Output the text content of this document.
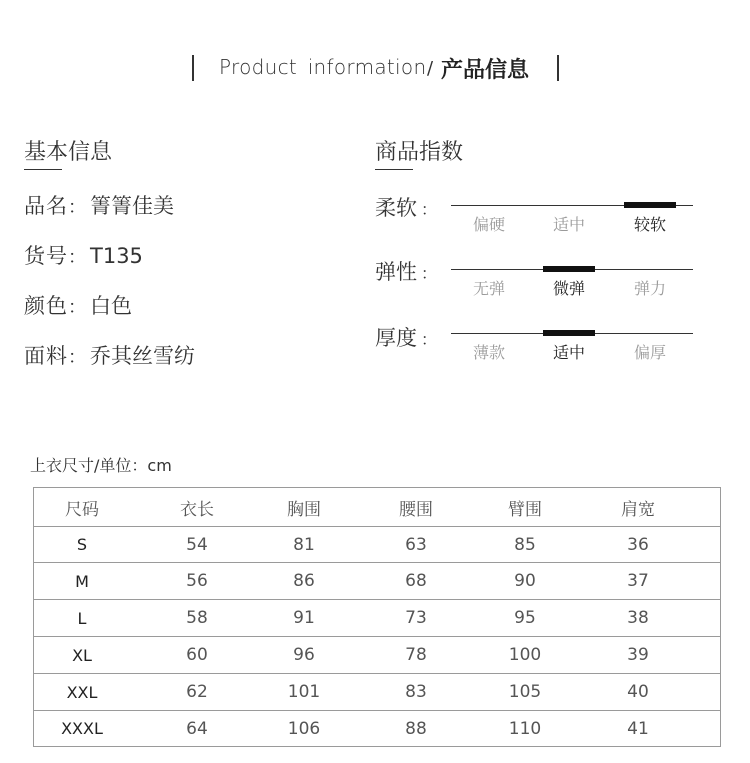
Product information / 产品信息
基本信息
品名： 箐箐佳美
货号： T135
颜色： 白色
面料： 乔其丝雪纺
商品指数
柔软 ：
偏硬	适中	较软
弹性 ：
无弹	微弹	弹力
厚度 ：
薄款	适中	偏厚
上衣尺寸/单位：cm
尺码	衣长	胸围	腰围	臂围	肩宽
S	54	81	63	85	36
M	56	86	68	90	37
L	58	91	73	95	38
XL	60	96	78	100	39
XXL	62	101	83	105	40
XXXL	64	106	88	110	41
